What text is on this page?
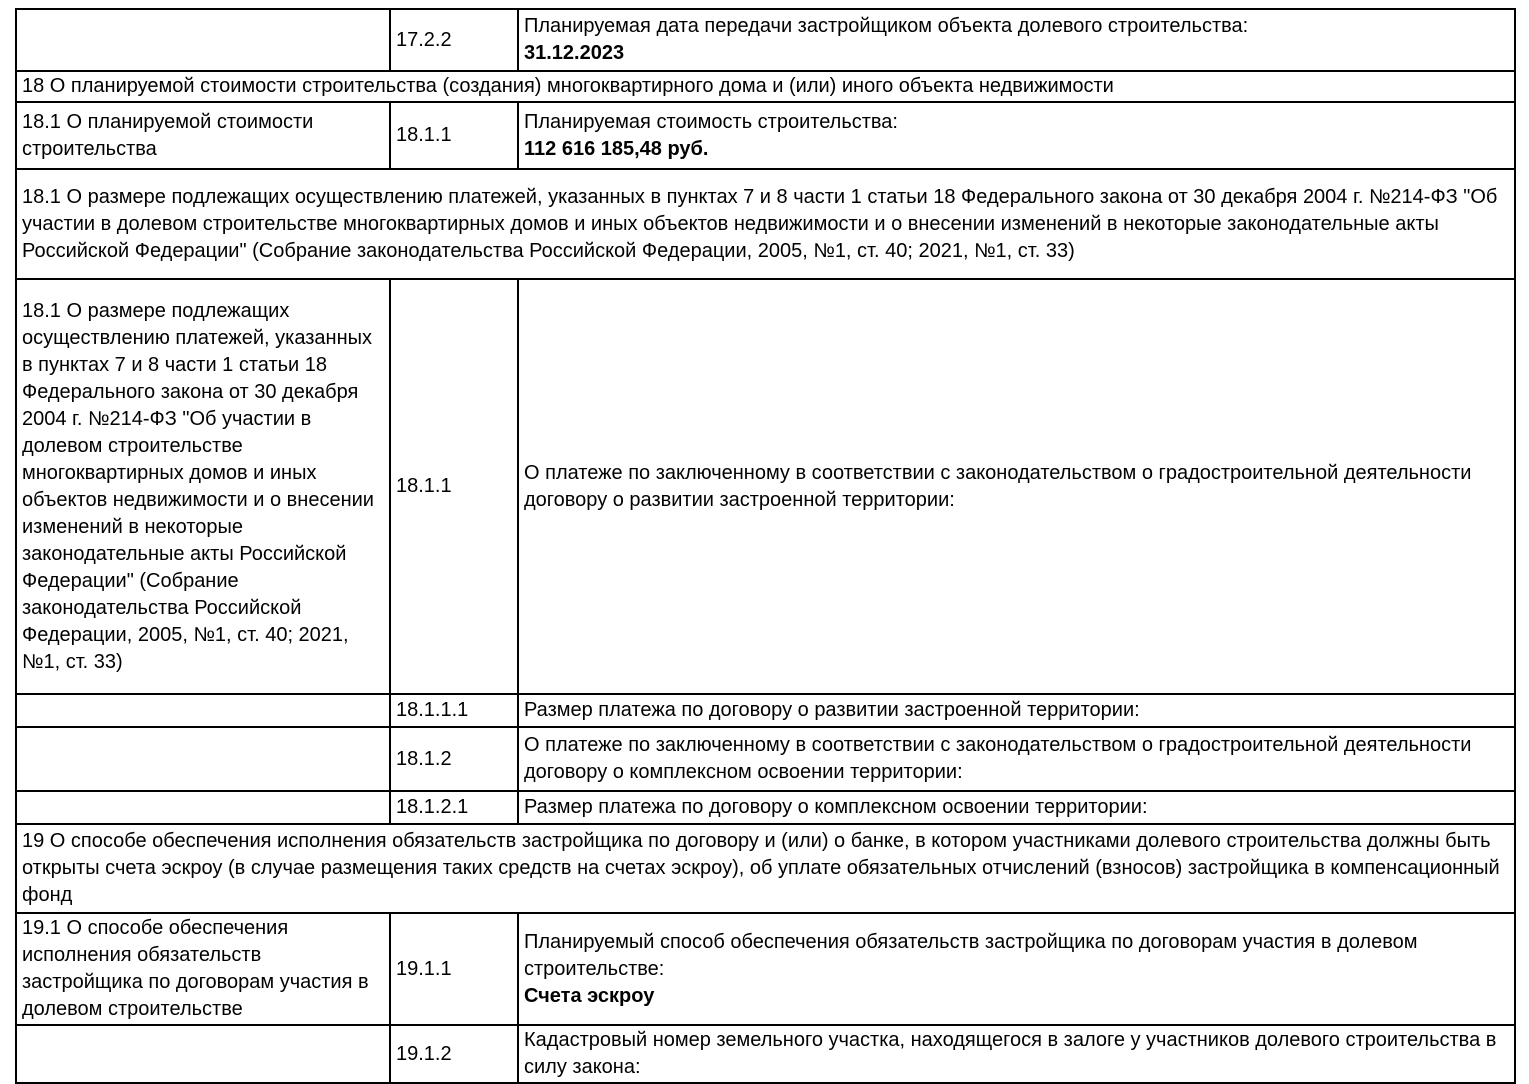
	17.2.2	Планируемая дата передачи застройщиком объекта долевого строительства:
31.12.2023

18 О планируемой стоимости строительства (создания) многоквартирного дома и (или) иного объекта недвижимости		
18.1 О планируемой стоимости строительства	18.1.1	Планируемая стоимость строительства:
112 616 185,48 руб.

18.1 О размере подлежащих осуществлению платежей, указанных в пунктах 7 и 8 части 1 статьи 18 Федерального закона от 30 декабря 2004 г. №214-ФЗ "Об участии в долевом строительстве многоквартирных домов и иных объектов недвижимости и о внесении изменений в некоторые законодательные акты Российской Федерации" (Собрание законодательства Российской Федерации, 2005, №1, ст. 40; 2021, №1, ст. 33)		
18.1 О размере подлежащих осуществлению платежей, указанных в пунктах 7 и 8 части 1 статьи 18 Федерального закона от 30 декабря 2004 г. №214-ФЗ "Об участии в долевом строительстве многоквартирных домов и иных объектов недвижимости и о внесении изменений в некоторые законодательные акты Российской Федерации" (Собрание законодательства Российской Федерации, 2005, №1, ст. 40; 2021, №1, ст. 33)	18.1.1	О платеже по заключенному в соответствии с законодательством о градостроительной деятельности договору о развитии застроенной территории:

	18.1.1.1	Размер платежа по договору о развитии застроенной территории:

	18.1.2	О платеже по заключенному в соответствии с законодательством о градостроительной деятельности договору о комплексном освоении территории:

	18.1.2.1	Размер платежа по договору о комплексном освоении территории:

19 О способе обеспечения исполнения обязательств застройщика по договору и (или) о банке, в котором участниками долевого строительства должны быть открыты счета эскроу (в случае размещения таких средств на счетах эскроу), об уплате обязательных отчислений (взносов) застройщика в компенсационный фонд		
19.1 О способе обеспечения исполнения обязательств застройщика по договорам участия в долевом строительстве	19.1.1	Планируемый способ обеспечения обязательств застройщика по договорам участия в долевом строительстве:
Счета эскроу

	19.1.2	Кадастровый номер земельного участка, находящегося в залоге у участников долевого строительства в силу закона:
